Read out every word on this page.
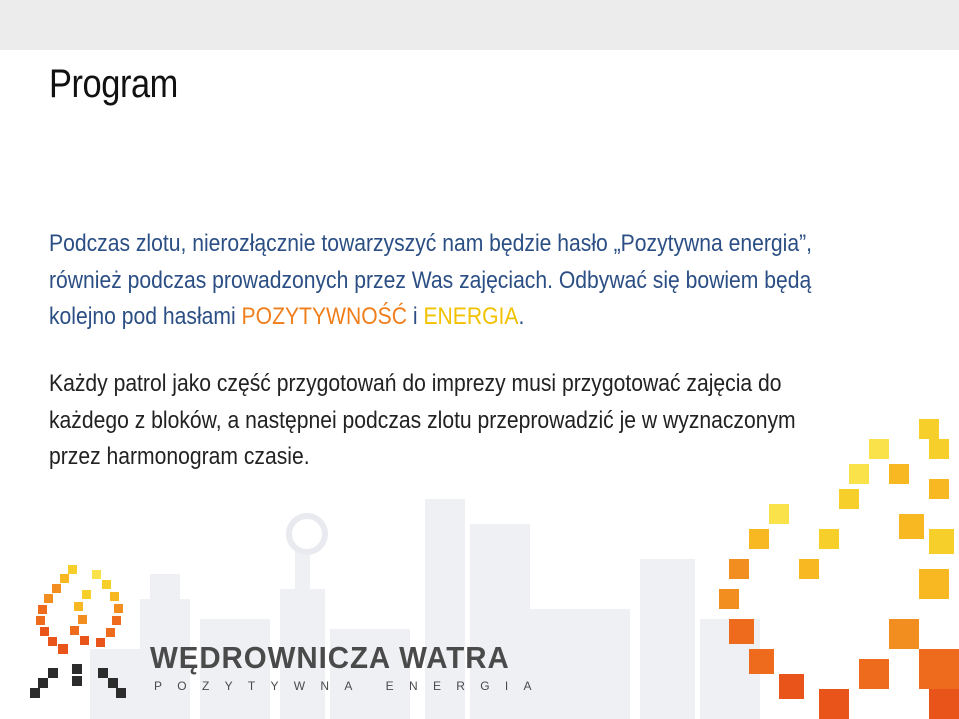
Program
Podczas zlotu, nierozłącznie towarzyszyć nam będzie hasło „Pozytywna energia”, również podczas prowadzonych przez Was zajęciach. Odbywać się bowiem będą kolejno pod hasłami POZYTYWNOŚĆ i ENERGIA.
Każdy patrol jako część przygotowań do imprezy musi przygotować zajęcia do każdego z bloków, a następnei podczas zlotu przeprowadzić je w wyznaczonym przez harmonogram czasie.
WĘDROWNICZA WATRA
POZYTYWNA ENERGIA
